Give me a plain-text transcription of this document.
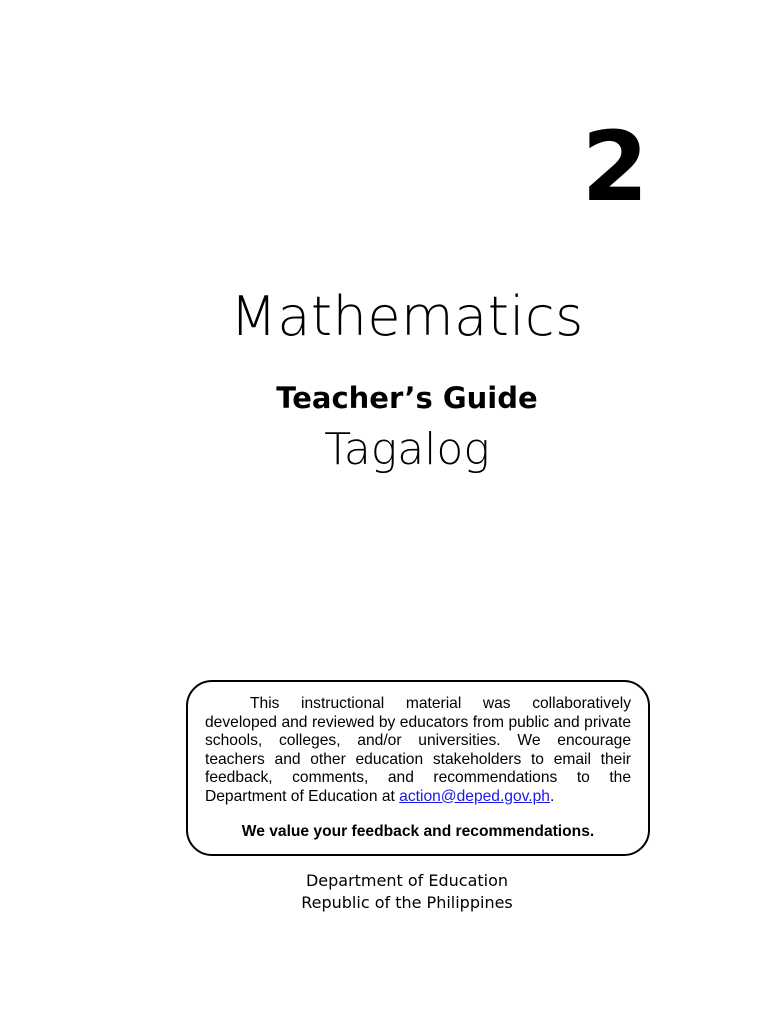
2
Mathematics
Teacher’s Guide
Tagalog

This instructional material was collaboratively developed and reviewed by educators from public and private schools, colleges, and/or universities. We encourage teachers and other education stakeholders to email their feedback, comments, and recommendations to the Department of Education at action@deped.gov.ph.

We value your feedback and recommendations.

Department of Education
Republic of the Philippines
